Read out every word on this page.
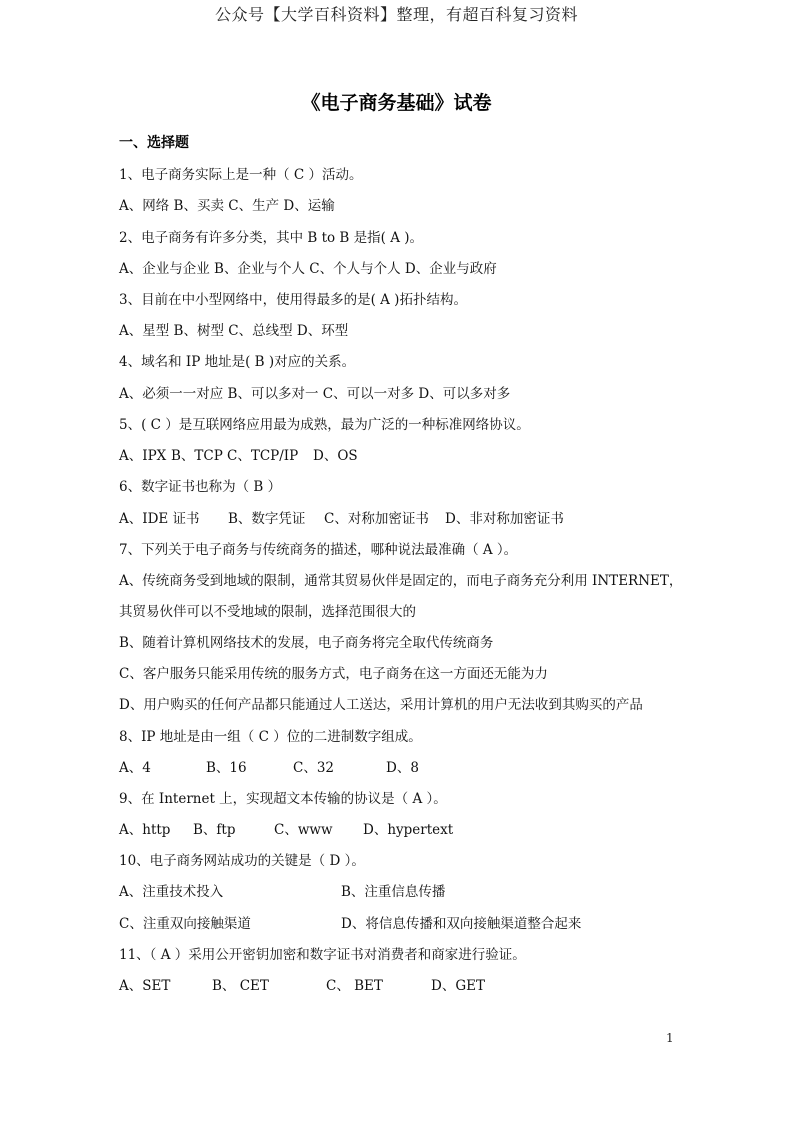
公众号【大学百科资料】整理，有超百科复习资料
《电子商务基础》试卷
一、选择题
1、电子商务实际上是一种（ C ）活动。
A、网络 B、买卖 C、生产 D、运输
2、电子商务有许多分类，其中 B to B 是指( A )。
A、企业与企业 B、企业与个人 C、个人与个人 D、企业与政府
3、目前在中小型网络中，使用得最多的是( A )拓扑结构。
A、星型 B、树型 C、总线型 D、环型
4、域名和 IP 地址是( B )对应的关系。
A、必须一一对应 B、可以多对一 C、可以一对多 D、可以多对多
5、( C ）是互联网络应用最为成熟，最为广泛的一种标准网络协议。
A、IPX B、TCP C、TCP/IP D、OS
6、数字证书也称为（ B ）
A、IDE 证书 B、数字凭证 C、对称加密证书 D、非对称加密证书
7、下列关于电子商务与传统商务的描述，哪种说法最准确（ A ）。
A、传统商务受到地域的限制，通常其贸易伙伴是固定的，而电子商务充分利用 INTERNET，
其贸易伙伴可以不受地域的限制，选择范围很大的
B、随着计算机网络技术的发展，电子商务将完全取代传统商务
C、客户服务只能采用传统的服务方式，电子商务在这一方面还无能为力
D、用户购买的任何产品都只能通过人工送达，采用计算机的用户无法收到其购买的产品
8、IP 地址是由一组（ C ）位的二进制数字组成。
A、4	B、16	C、32	D、8
9、在 Internet 上，实现超文本传输的协议是（ A ）。
A、http B、ftp	C、www D、hypertext
10、电子商务网站成功的关键是（ D ）。
A、注重技术投入	B、注重信息传播
C、注重双向接触渠道	D、将信息传播和双向接触渠道整合起来
11、（ A ）采用公开密钥加密和数字证书对消费者和商家进行验证。
A、SET	B、 CET	C、 BET	D、GET
1
